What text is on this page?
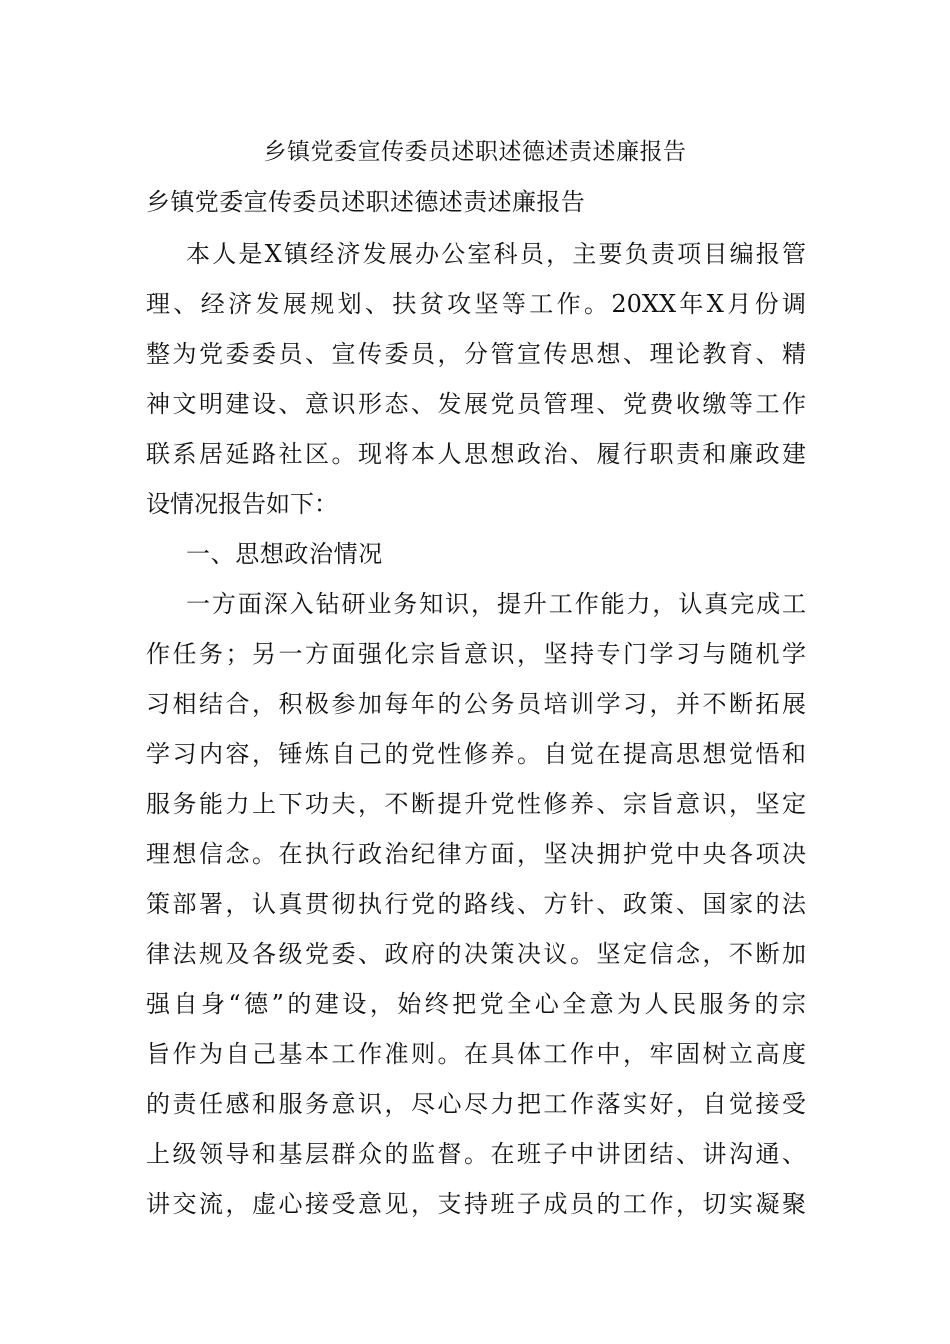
乡镇党委宣传委员述职述德述责述廉报告

乡镇党委宣传委员述职述德述责述廉报告

本人是X镇经济发展办公室科员，主要负责项目编报管

理、经济发展规划、扶贫攻坚等工作。20XX年X月份调

整为党委委员、宣传委员，分管宣传思想、理论教育、精

神文明建设、意识形态、发展党员管理、党费收缴等工作

联系居延路社区。现将本人思想政治、履行职责和廉政建

设情况报告如下：

一、思想政治情况

一方面深入钻研业务知识，提升工作能力，认真完成工

作任务；另一方面强化宗旨意识，坚持专门学习与随机学

习相结合，积极参加每年的公务员培训学习，并不断拓展

学习内容，锤炼自己的党性修养。自觉在提高思想觉悟和

服务能力上下功夫，不断提升党性修养、宗旨意识，坚定

理想信念。在执行政治纪律方面，坚决拥护党中央各项决

策部署，认真贯彻执行党的路线、方针、政策、国家的法

律法规及各级党委、政府的决策决议。坚定信念，不断加

强自身“德”的建设，始终把党全心全意为人民服务的宗

旨作为自己基本工作准则。在具体工作中，牢固树立高度

的责任感和服务意识，尽心尽力把工作落实好，自觉接受

上级领导和基层群众的监督。在班子中讲团结、讲沟通、

讲交流，虚心接受意见，支持班子成员的工作，切实凝聚
